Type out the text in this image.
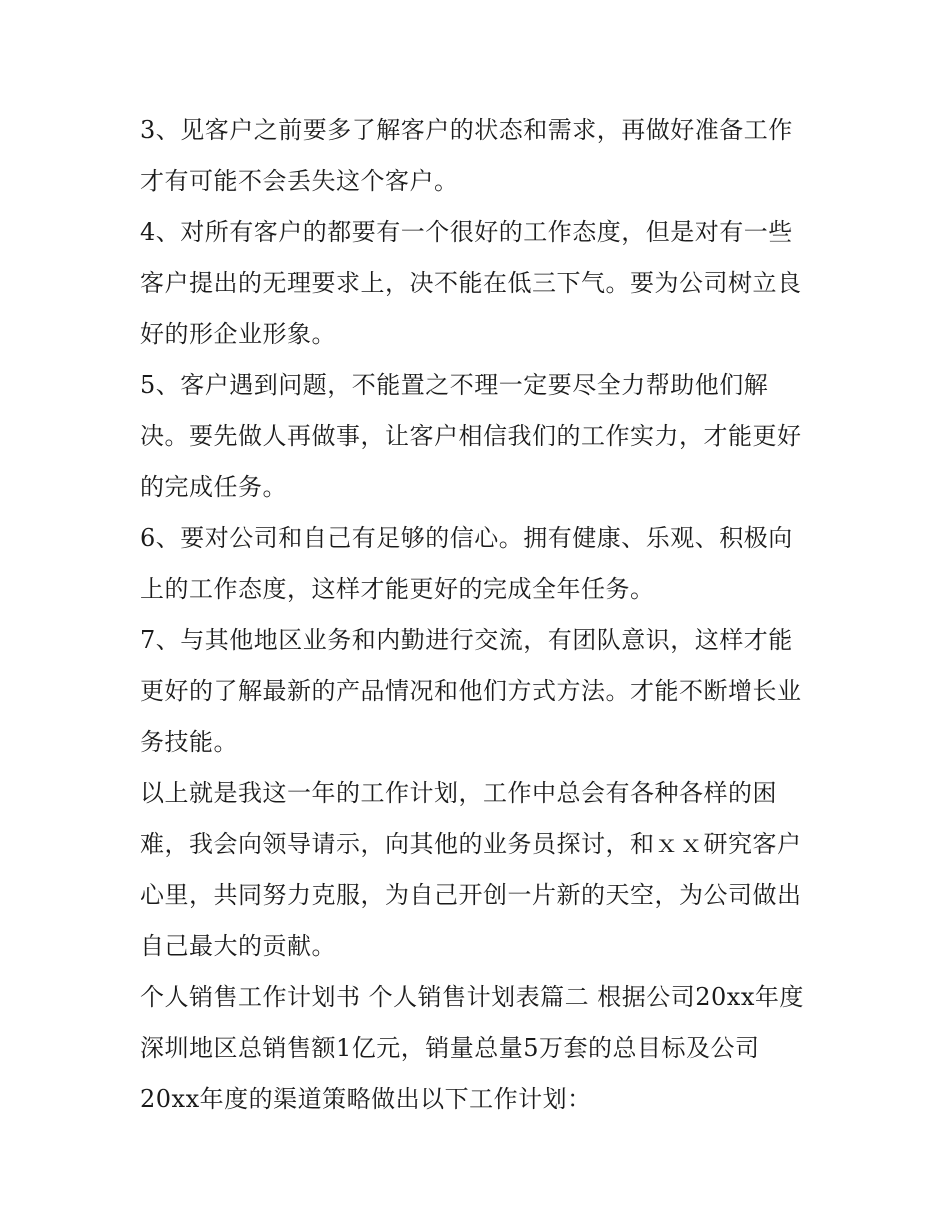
3、见客户之前要多了解客户的状态和需求，再做好准备工作
才有可能不会丢失这个客户。
4、对所有客户的都要有一个很好的工作态度，但是对有一些
客户提出的无理要求上，决不能在低三下气。要为公司树立良
好的形企业形象。
5、客户遇到问题，不能置之不理一定要尽全力帮助他们解
决。要先做人再做事，让客户相信我们的工作实力，才能更好
的完成任务。
6、要对公司和自己有足够的信心。拥有健康、乐观、积极向
上的工作态度，这样才能更好的完成全年任务。
7、与其他地区业务和内勤进行交流，有团队意识，这样才能
更好的了解最新的产品情况和他们方式方法。才能不断增长业
务技能。
以上就是我这一年的工作计划，工作中总会有各种各样的困
难，我会向领导请示，向其他的业务员探讨，和ｘｘ研究客户
心里，共同努力克服，为自己开创一片新的天空，为公司做出
自己最大的贡献。
个人销售工作计划书 个人销售计划表篇二 根据公司20xx年度
深圳地区总销售额1亿元，销量总量5万套的总目标及公司
20xx年度的渠道策略做出以下工作计划：
